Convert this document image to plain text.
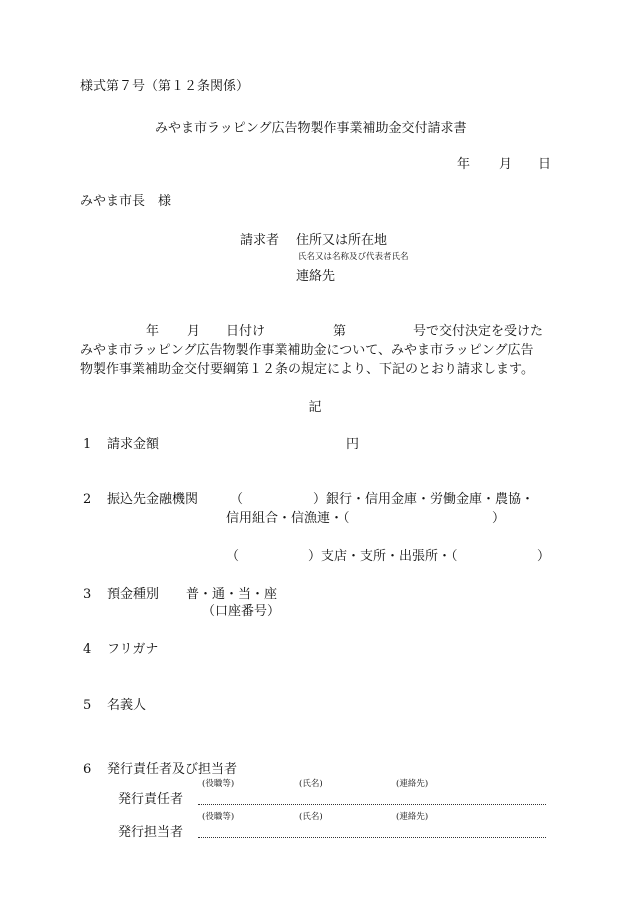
様式第７号（第１２条関係）
みやま市ラッピング広告物製作事業補助金交付請求書
年 月 日
みやま市長　様
請求者 住所又は所在地
氏名又は名称及び代表者氏名
連絡先
年 月 日付け	第	号で交付決定を受けた
みやま市ラッピング広告物製作事業補助金について、みやま市ラッピング広告
物製作事業補助金交付要綱第１２条の規定により、下記のとおり請求します。
記
1 請求金額	円
2 振込先金融機関 （	）銀行・信用金庫・労働金庫・農協・
信用組合・信漁連・（	）
（	）支店・支所・出張所・（	）
3 預金種別 普・通・当・座
（口座番号）
4 フリガナ
5 名義人
6 発行責任者及び担当者
(役職等)	(氏名)	(連絡先)
発行責任者
(役職等)	(氏名)	(連絡先)
発行担当者
